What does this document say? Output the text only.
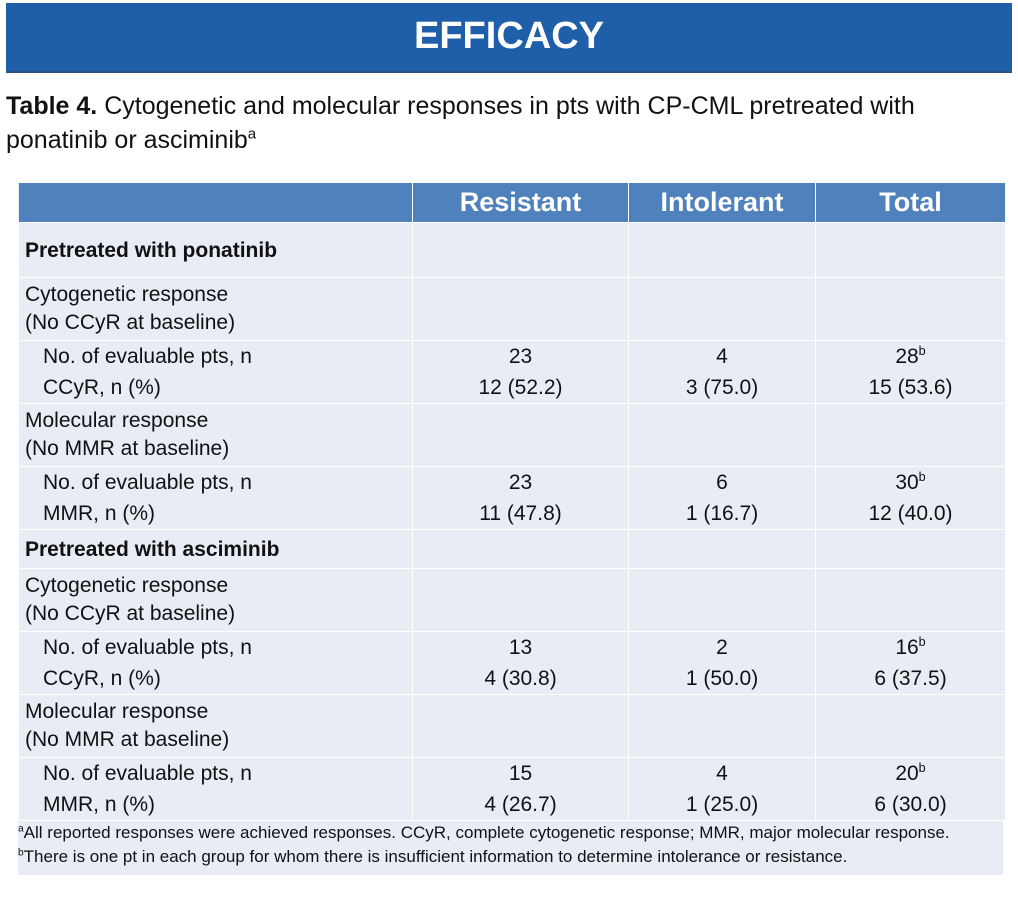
EFFICACY
Table 4. Cytogenetic and molecular responses in pts with CP-CML pretreated with ponatinib or asciminib$^a$
	Resistant	Intolerant	Total
Pretreated with ponatinib			

Cytogenetic response
(No CCyR at baseline)			

No. of evaluable pts, n	23	4	28$^b$
CCyR, n (%)	12 (52.2)	3 (75.0)	15 (53.6)

Molecular response
(No MMR at baseline)			

No. of evaluable pts, n	23	6	30$^b$
MMR, n (%)	11 (47.8)	1 (16.7)	12 (40.0)
Pretreated with asciminib			

Cytogenetic response
(No CCyR at baseline)			

No. of evaluable pts, n	13	2	16$^b$
CCyR, n (%)	4 (30.8)	1 (50.0)	6 (37.5)

Molecular response
(No MMR at baseline)			

No. of evaluable pts, n	15	4	20$^b$
MMR, n (%)	4 (26.7)	1 (25.0)	6 (30.0)
$^a$All reported responses were achieved responses. CCyR, complete cytogenetic response; MMR, major molecular response. $^b$There is one pt in each group for whom there is insufficient information to determine intolerance or resistance.
